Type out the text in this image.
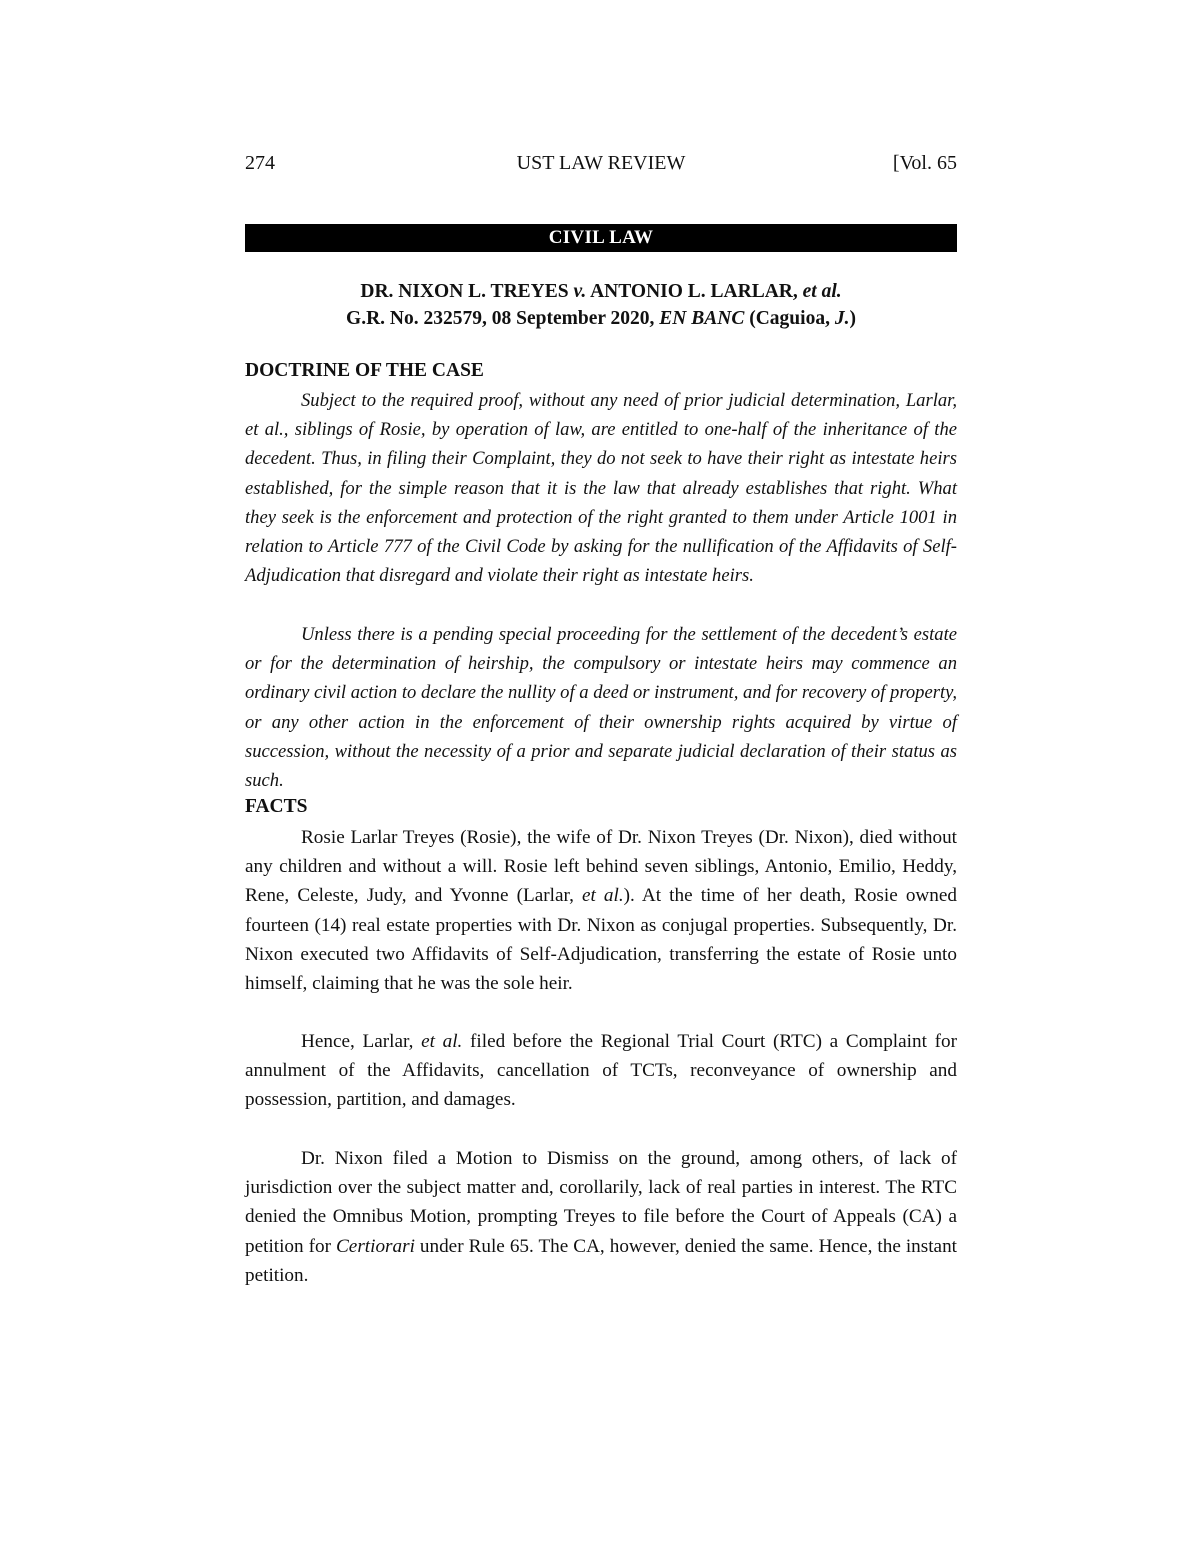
274	UST LAW REVIEW	[Vol. 65
CIVIL LAW
DR. NIXON L. TREYES v. ANTONIO L. LARLAR, et al.
G.R. No. 232579, 08 September 2020, EN BANC (Caguioa, J.)
DOCTRINE OF THE CASE

Subject to the required proof, without any need of prior judicial determination, Larlar, et al., siblings of Rosie, by operation of law, are entitled to one-half of the inheritance of the decedent. Thus, in filing their Complaint, they do not seek to have their right as intestate heirs established, for the simple reason that it is the law that already establishes that right. What they seek is the enforcement and protection of the right granted to them under Article 1001 in relation to Article 777 of the Civil Code by asking for the nullification of the Affidavits of Self-Adjudication that disregard and violate their right as intestate heirs.

Unless there is a pending special proceeding for the settlement of the decedent’s estate or for the determination of heirship, the compulsory or intestate heirs may commence an ordinary civil action to declare the nullity of a deed or instrument, and for recovery of property, or any other action in the enforcement of their ownership rights acquired by virtue of succession, without the necessity of a prior and separate judicial declaration of their status as such.

FACTS

Rosie Larlar Treyes (Rosie), the wife of Dr. Nixon Treyes (Dr. Nixon), died without any children and without a will. Rosie left behind seven siblings, Antonio, Emilio, Heddy, Rene, Celeste, Judy, and Yvonne (Larlar, et al.). At the time of her death, Rosie owned fourteen (14) real estate properties with Dr. Nixon as conjugal properties. Subsequently, Dr. Nixon executed two Affidavits of Self-Adjudication, transferring the estate of Rosie unto himself, claiming that he was the sole heir.

Hence, Larlar, et al. filed before the Regional Trial Court (RTC) a Complaint for annulment of the Affidavits, cancellation of TCTs, reconveyance of ownership and possession, partition, and damages.

Dr. Nixon filed a Motion to Dismiss on the ground, among others, of lack of jurisdiction over the subject matter and, corollarily, lack of real parties in interest. The RTC denied the Omnibus Motion, prompting Treyes to file before the Court of Appeals (CA) a petition for Certiorari under Rule 65. The CA, however, denied the same. Hence, the instant petition.
